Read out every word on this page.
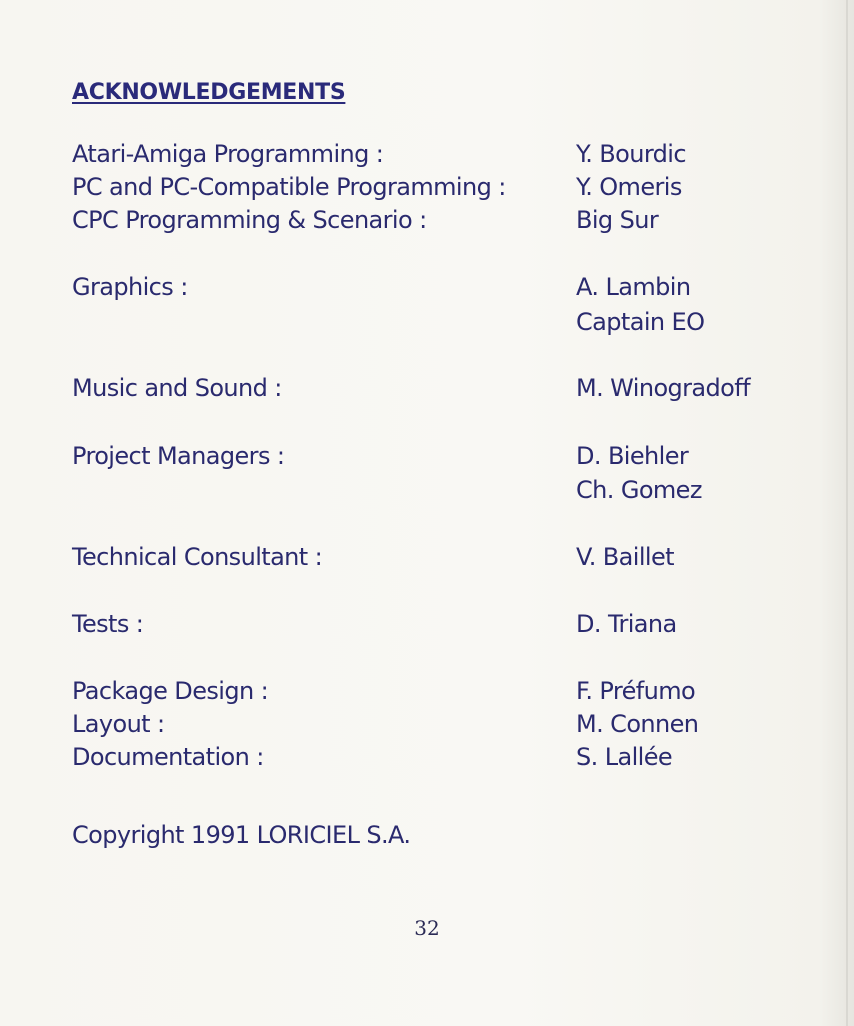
ACKNOWLEDGEMENTS
Atari-Amiga Programming :	Y. Bourdic
PC and PC-Compatible Programming :	Y. Omeris
CPC Programming & Scenario :	Big Sur
Graphics :	A. Lambin
Captain EO
Music and Sound :	M. Winogradoff
Project Managers :	D. Biehler
Ch. Gomez
Technical Consultant :	V. Baillet
Tests :	D. Triana
Package Design :	F. Préfumo
Layout :	M. Connen
Documentation :	S. Lallée
Copyright 1991 LORICIEL S.A.
32
